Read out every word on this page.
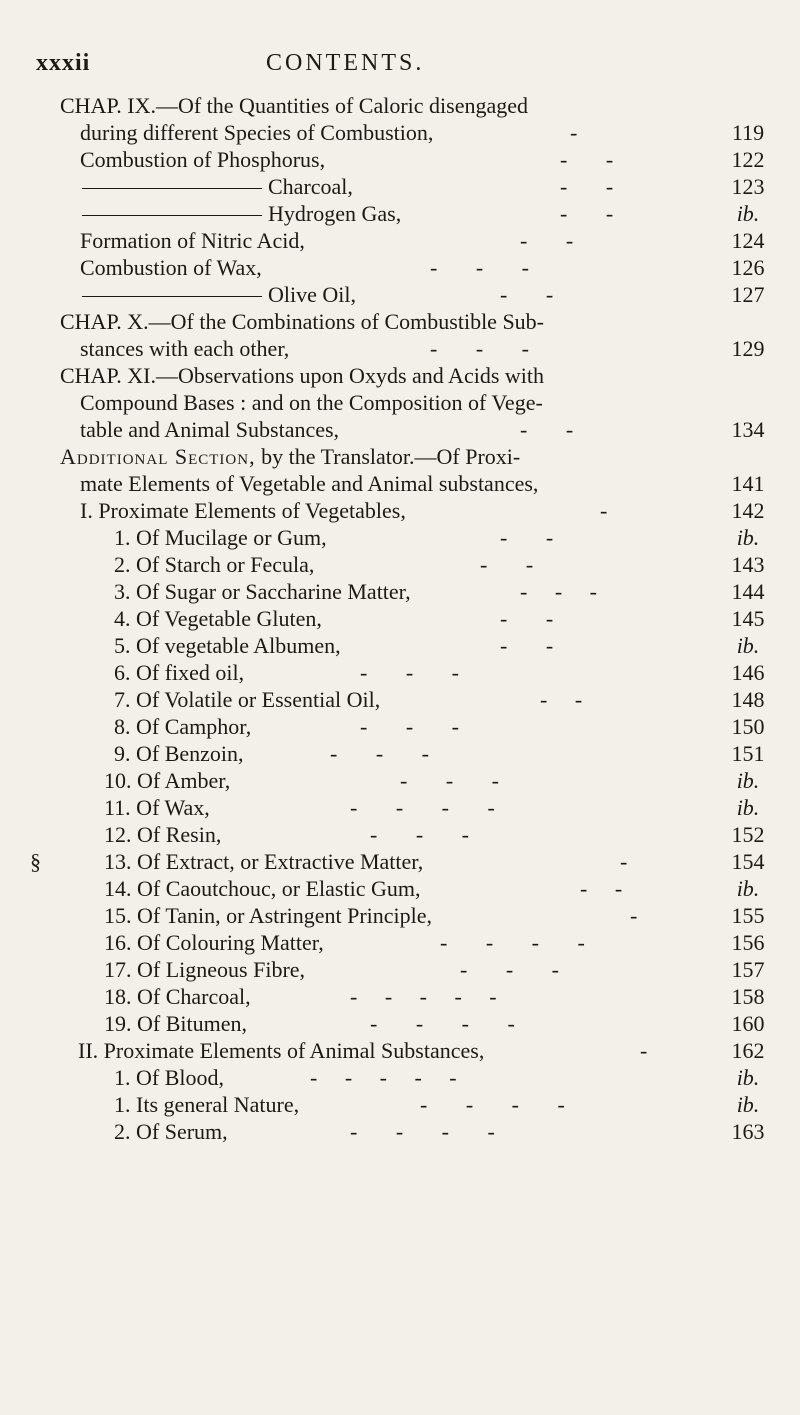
xxxii	CONTENTS.
CHAP. IX.—Of the Quantities of Caloric disengaged
during different Species of Combustion,	-	119
Combustion of Phosphorus,	-       -	122
Charcoal,	-       -	123
Hydrogen Gas,	-       -	ib.
Formation of Nitric Acid,	-       -	124
Combustion of Wax,	-       -       -	126
Olive Oil,	-       -	127
CHAP. X.—Of the Combinations of Combustible Sub-
stances with each other,	-       -       -	129
CHAP. XI.—Observations upon Oxyds and Acids with
Compound Bases : and on the Composition of Vege-
table and Animal Substances,	-       -	134
Additional Section, by the Translator.—Of Proxi-
mate Elements of Vegetable and Animal substances,	141
I. Proximate Elements of Vegetables,	-	142
1. Of Mucilage or Gum,	-       -	ib.
2. Of Starch or Fecula,	-       -	143
3. Of Sugar or Saccharine Matter,	-     -     -	144
4. Of Vegetable Gluten,	-       -	145
5. Of vegetable Albumen,	-       -	ib.
6. Of fixed oil,	-       -       -	146
7. Of Volatile or Essential Oil,	-     -	148
8. Of Camphor,	-       -       -	150
9. Of Benzoin,	-       -       -	151
10. Of Amber,	-       -       -	ib.
11. Of Wax,	-       -       -       -	ib.
12. Of Resin,	-       -       -	152
§	13. Of Extract, or Extractive Matter,	-	154
14. Of Caoutchouc, or Elastic Gum,	-     -	ib.
15. Of Tanin, or Astringent Principle,	-	155
16. Of Colouring Matter,	-       -       -       -	156
17. Of Ligneous Fibre,	-       -       -	157
18. Of Charcoal,	-     -     -     -     -	158
19. Of Bitumen,	-       -       -       -	160
II. Proximate Elements of Animal Substances,	-	162
1. Of Blood,	-     -     -     -     -	ib.
1. Its general Nature,	-       -       -       -	ib.
2. Of Serum,	-       -       -       -	163
